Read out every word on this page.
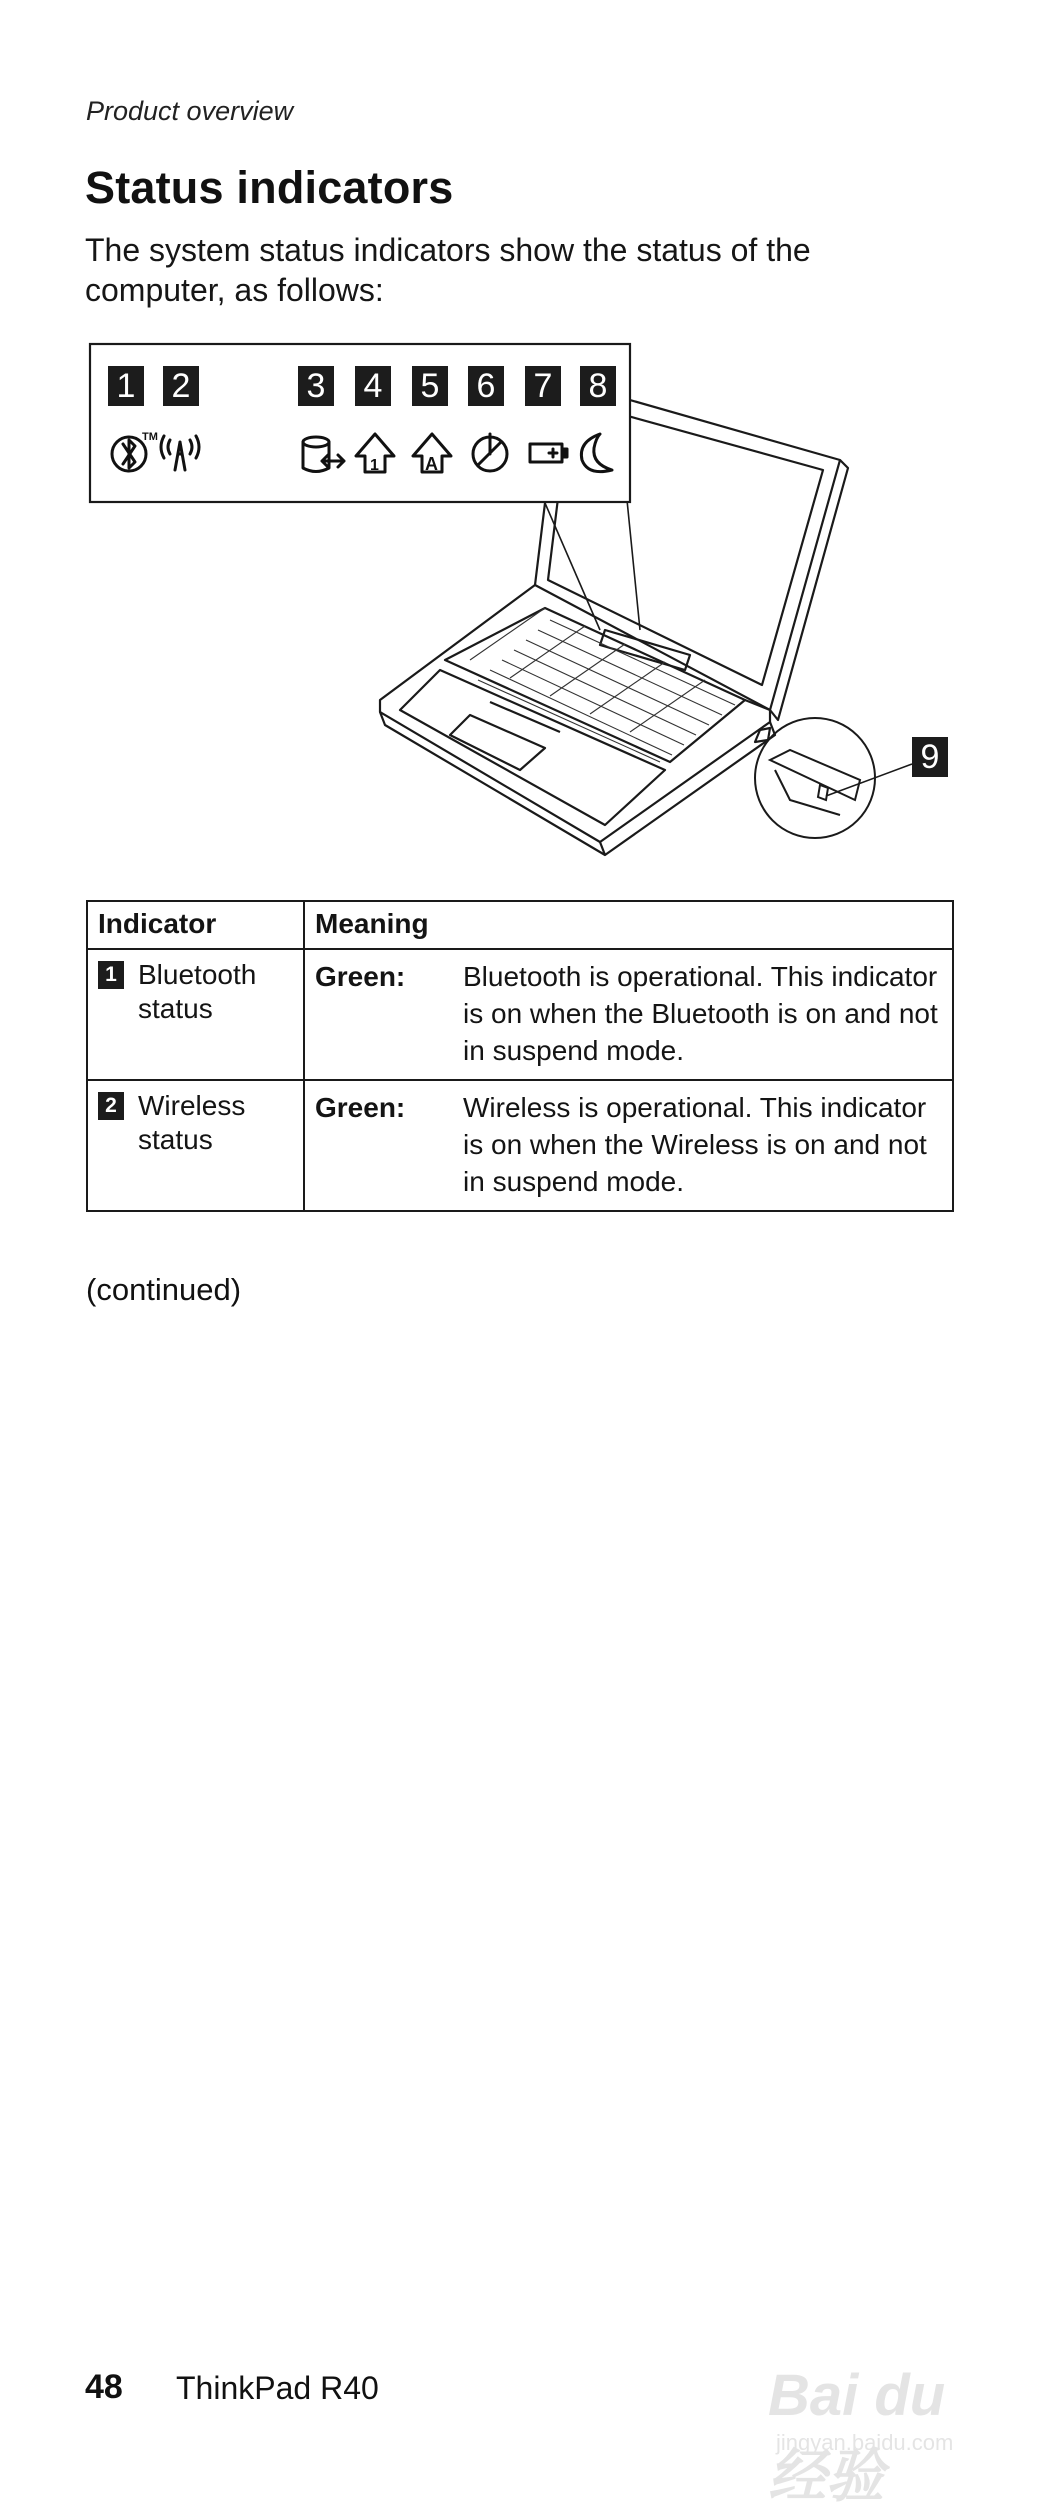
Product overview
Status indicators
The system status indicators show the status of the computer, as follows:
TM
1	A
1 2	3 4 5 6 7 8
9
Indicator	Meaning

1 Bluetooth status	Green: Bluetooth is operational. This indicator is on when the Bluetooth is on and not in suspend mode.

2 Wireless status	Green: Wireless is operational. This indicator is on when the Wireless is on and not in suspend mode.
(continued)
48 ThinkPad R40	Bai du 经验
jingyan.baidu.com
